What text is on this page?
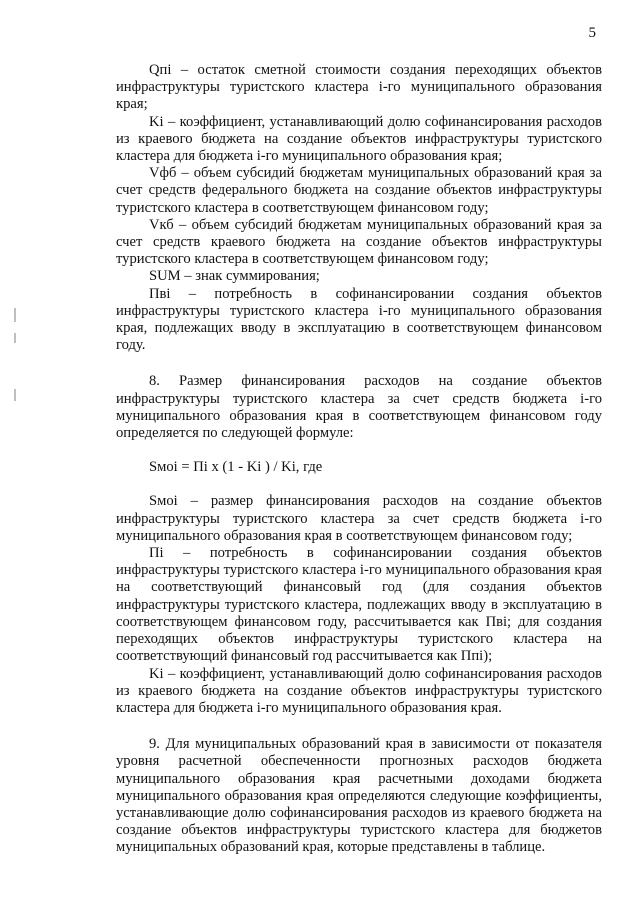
5

Qпi – остаток сметной стоимости создания переходящих объектов инфраструктуры туристского кластера i-го муниципального образования края;

Ki – коэффициент, устанавливающий долю софинансирования расходов из краевого бюджета на создание объектов инфраструктуры туристского кластера для бюджета i-го муниципального образования края;

Vфб – объем субсидий бюджетам муниципальных образований края за счет средств федерального бюджета на создание объектов инфраструктуры туристского кластера в соответствующем финансовом году;

Vкб – объем субсидий бюджетам муниципальных образований края за счет средств краевого бюджета на создание объектов инфраструктуры туристского кластера в соответствующем финансовом году;

SUM – знак суммирования;

Пвi – потребность в софинансировании создания объектов инфраструктуры туристского кластера i-го муниципального образования края, подлежащих вводу в эксплуатацию в соответствующем финансовом году.

8. Размер финансирования расходов на создание объектов инфраструктуры туристского кластера за счет средств бюджета i-го муниципального образования края в соответствующем финансовом году определяется по следующей формуле:

Sмоi = Пi x (1 - Ki ) / Ki, где

Sмоi – размер финансирования расходов на создание объектов инфраструктуры туристского кластера за счет средств бюджета i-го муниципального образования края в соответствующем финансовом году;

Пi – потребность в софинансировании создания объектов инфраструктуры туристского кластера i-го муниципального образования края на соответствующий финансовый год (для создания объектов инфраструктуры туристского кластера, подлежащих вводу в эксплуатацию в соответствующем финансовом году, рассчитывается как Пвi; для создания переходящих объектов инфраструктуры туристского кластера на соответствующий финансовый год рассчитывается как Ппi);

Ki – коэффициент, устанавливающий долю софинансирования расходов из краевого бюджета на создание объектов инфраструктуры туристского кластера для бюджета i-го муниципального образования края.

9. Для муниципальных образований края в зависимости от показателя уровня расчетной обеспеченности прогнозных расходов бюджета муниципального образования края расчетными доходами бюджета муниципального образования края определяются следующие коэффициенты, устанавливающие долю софинансирования расходов из краевого бюджета на создание объектов инфраструктуры туристского кластера для бюджетов муниципальных образований края, которые представлены в таблице.
